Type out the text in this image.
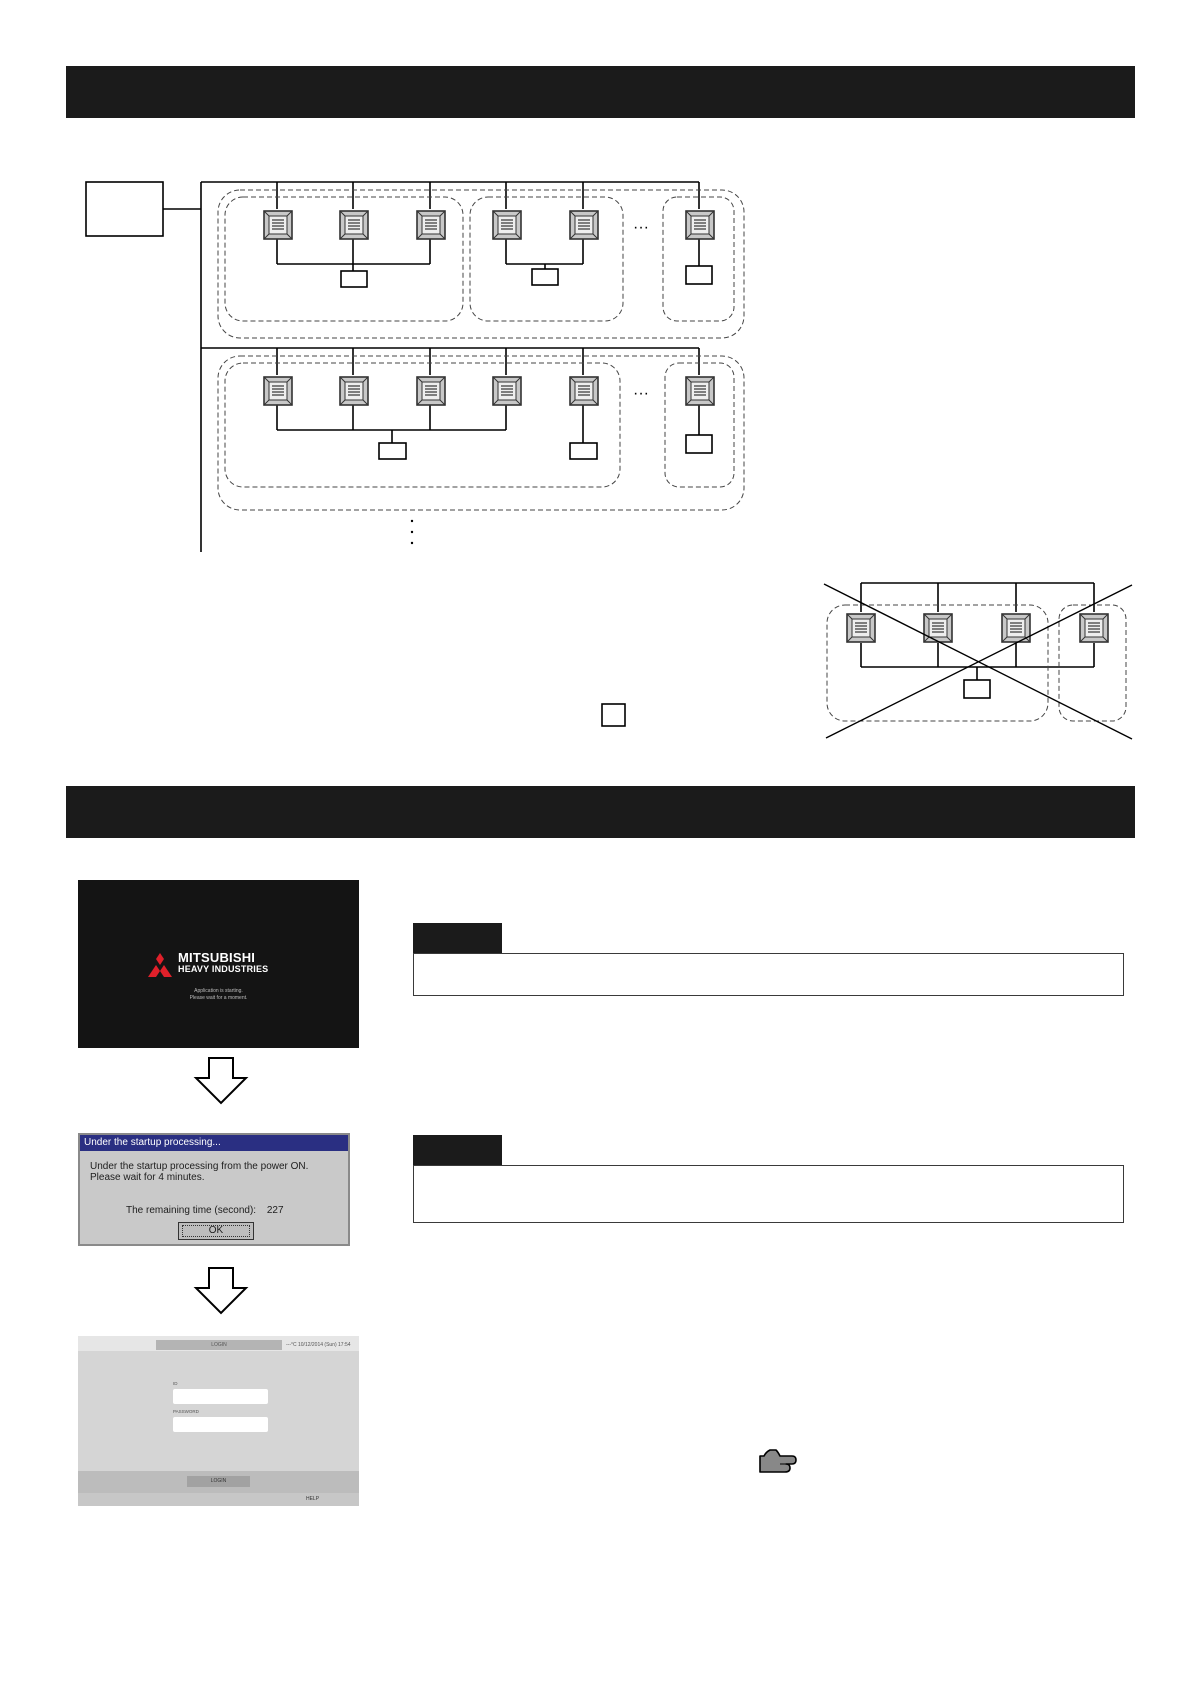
···
···
MITSUBISHI
HEAVY INDUSTRIES
Application is starting.
Please wait for a moment.
Under the startup processing...
Under the startup processing from the power ON.
Please wait for 4 minutes.
The remaining time (second): 227
OK
LOGIN	---°C 10/12/2014 (Sun) 17:54
ID
PASSWORD
LOGIN
HELP
